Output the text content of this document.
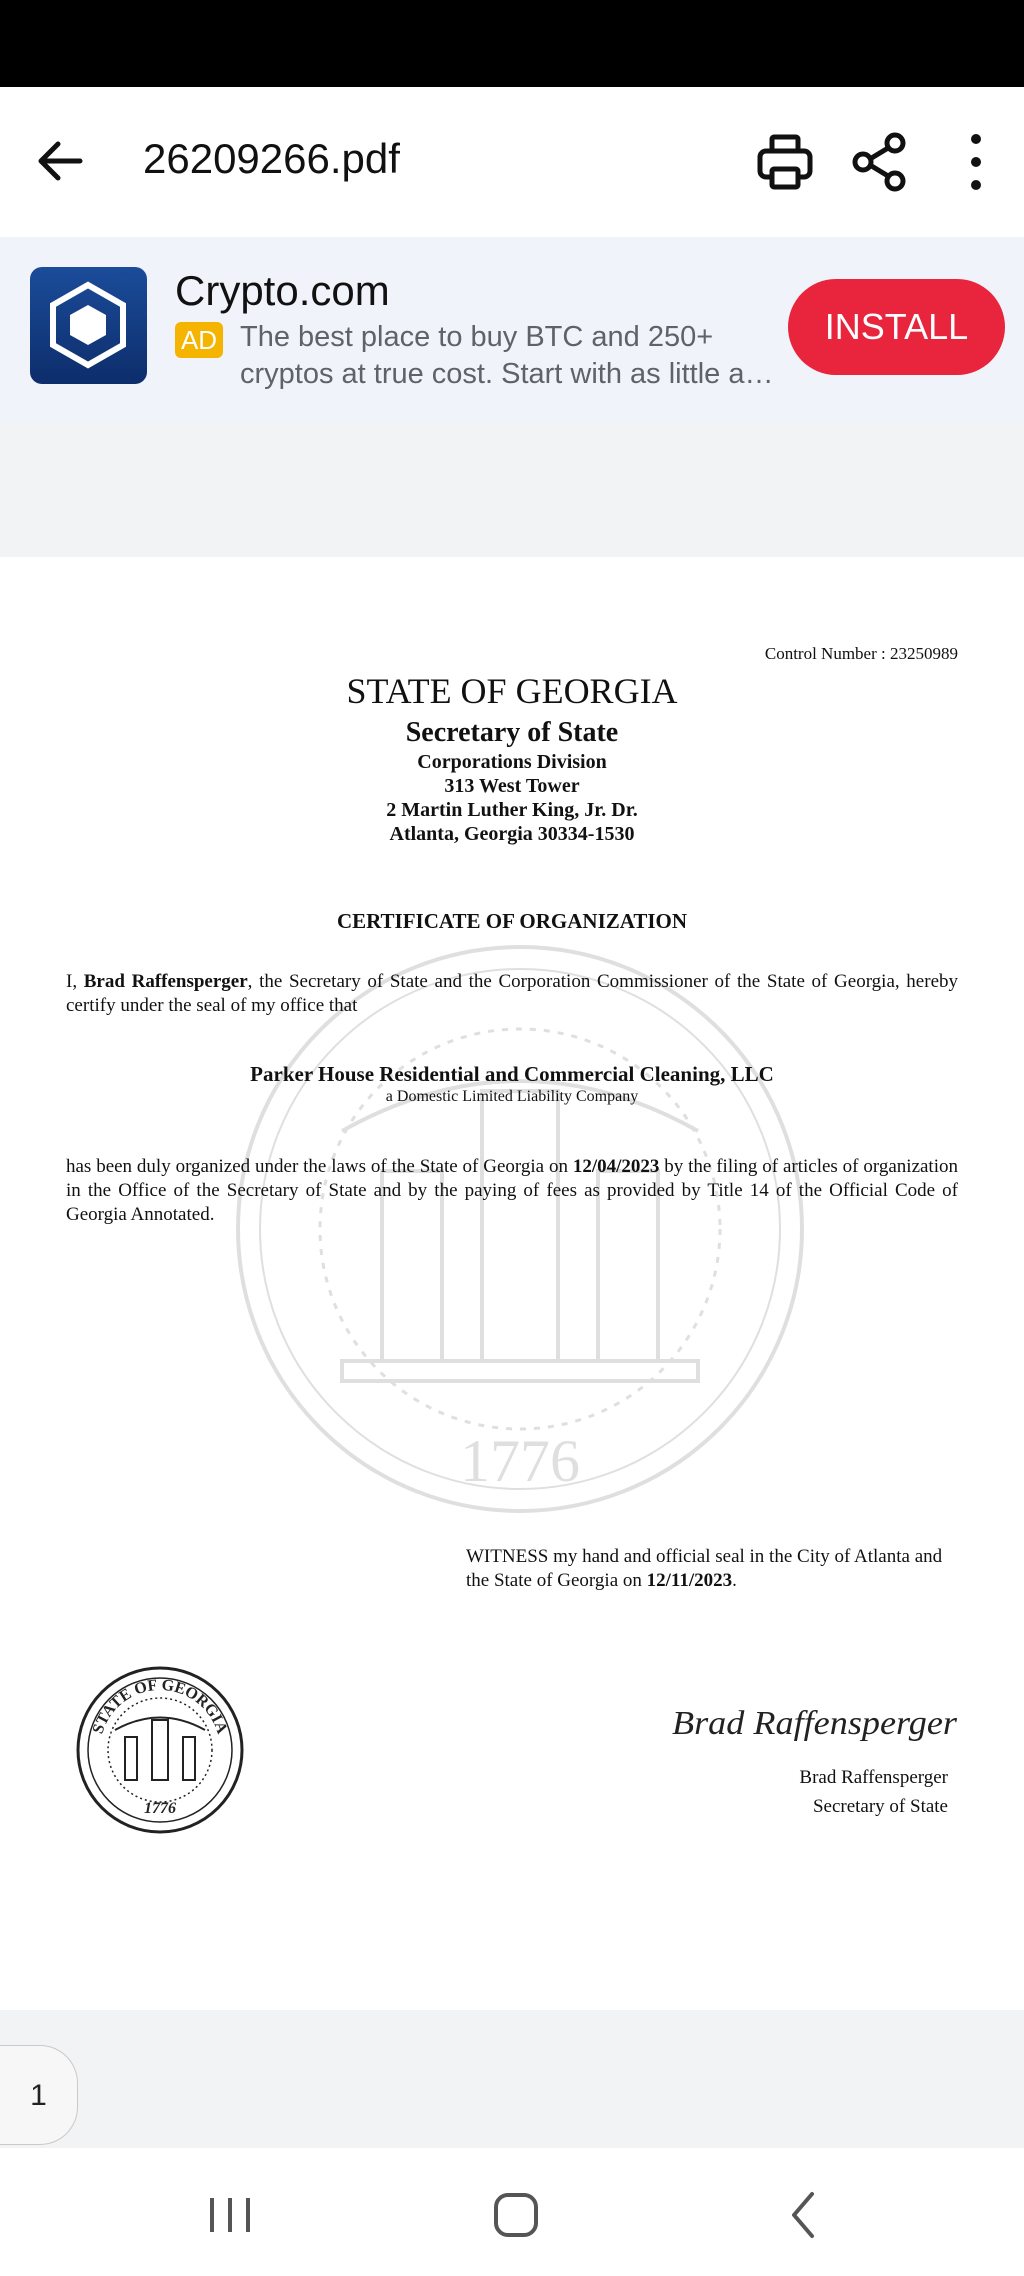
26209266.pdf
Crypto.com
AD The best place to buy BTC and 250+
cryptos at true cost. Start with as little a…
INSTALL
1776
Control Number : 23250989
STATE OF GEORGIA
Secretary of State
Corporations Division
313 West Tower
2 Martin Luther King, Jr. Dr.
Atlanta, Georgia 30334-1530
CERTIFICATE OF ORGANIZATION
I, Brad Raffensperger, the Secretary of State and the Corporation Commissioner of the State of Georgia, hereby certify under the seal of my office that
Parker House Residential and Commercial Cleaning, LLC
a Domestic Limited Liability Company
has been duly organized under the laws of the State of Georgia on 12/04/2023 by the filing of articles of organization in the Office of the Secretary of State and by the paying of fees as provided by Title 14 of the Official Code of Georgia Annotated.
WITNESS my hand and official seal in the City of Atlanta and the State of Georgia on 12/11/2023.
STATE OF GEORGIA
1776
Brad Raffensperger
Brad Raffensperger
Secretary of State
1
